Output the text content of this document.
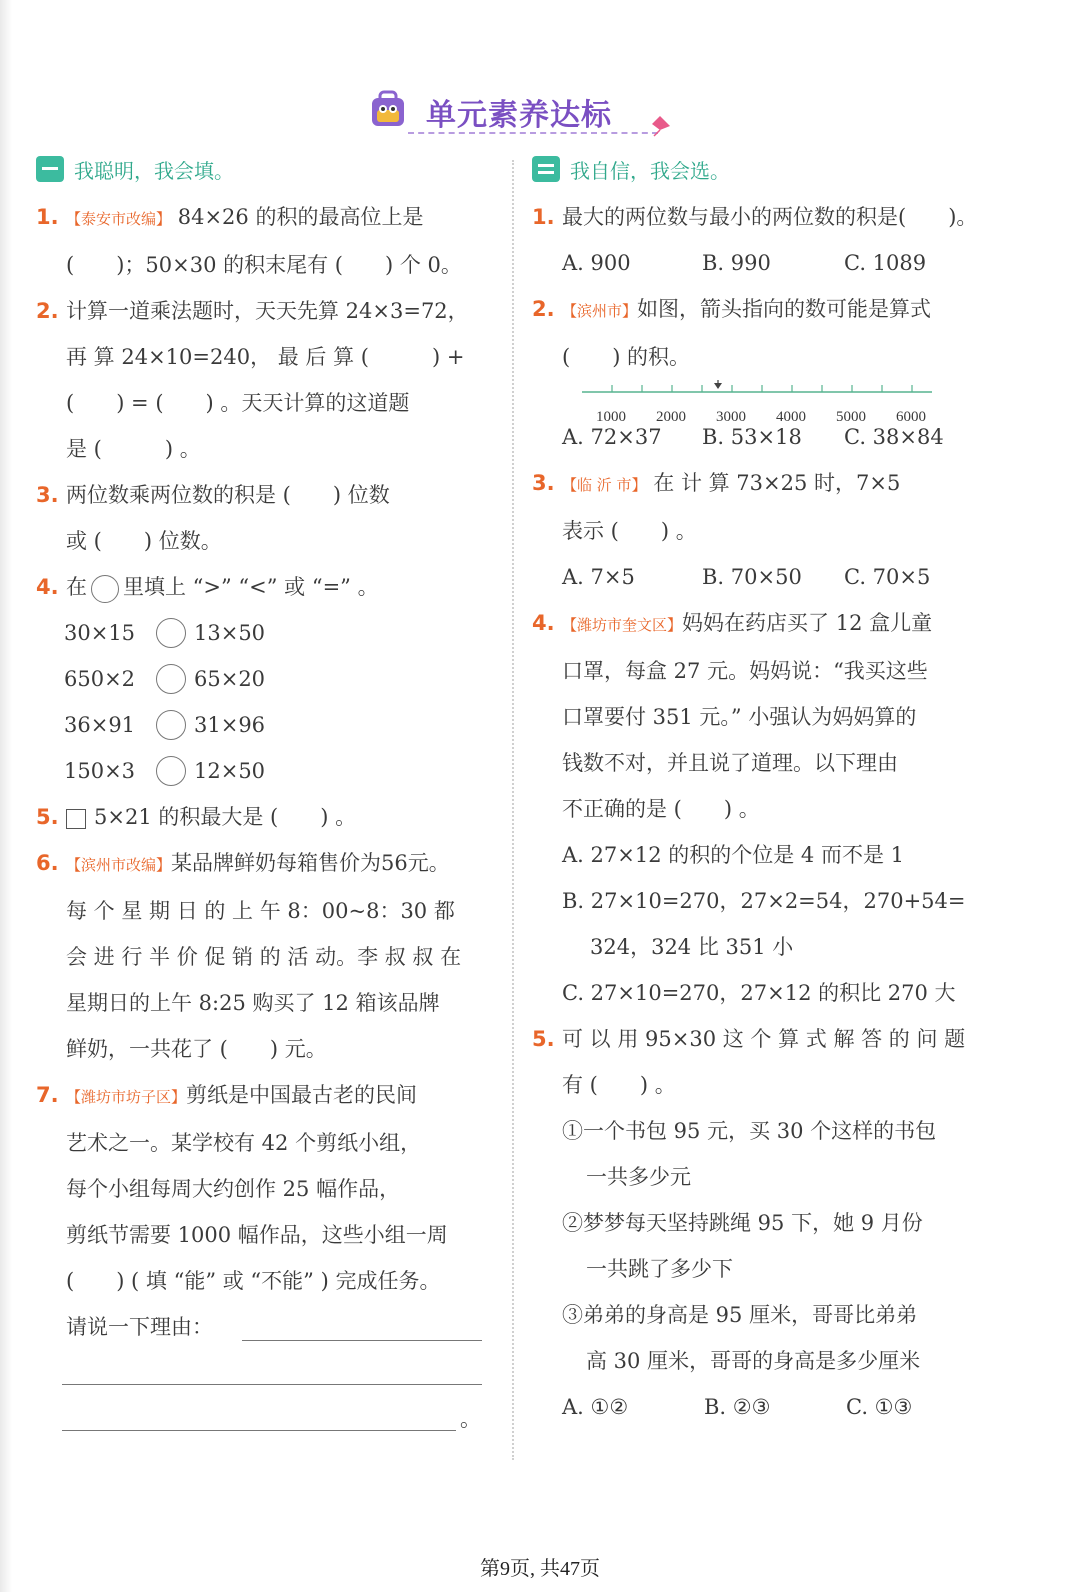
单元素养达标
我聪明，我会填。
1.	【 泰安市改编 】 84×26 的积的最高位上是
(　　)；50×30 的积末尾有 (　　) 个 0。
2. 计算一道乘法题时，天天先算 24×3=72，
再 算 24×10=240， 最 后 算 (　　　) +
(　　) = (　　) 。天天计算的这道题
是 (　　　) 。
3. 两位数乘两位数的积是 (　　) 位数
或 (　　) 位数。
4. 在 里填上 “>” “<” 或 “=” 。
30×15	13×50
650×2	65×20
36×91	31×96
150×3	12×50
5.	5×21 的积最大是 (　　) 。
6.	【 滨州市改编 】 某品牌鲜奶每箱售价为56元。
每 个 星 期 日 的 上 午 8：00~8：30 都
会 进 行 半 价 促 销 的 活 动。李 叔 叔 在
星期日的上午 8:25 购买了 12 箱该品牌
鲜奶，一共花了 (　　) 元。
7.	【 潍坊市坊子区 】 剪纸是中国最古老的民间
艺术之一。某学校有 42 个剪纸小组，
每个小组每周大约创作 25 幅作品，
剪纸节需要 1000 幅作品，这些小组一周
(　　) ( 填 “能” 或 “不能” ) 完成任务。
请说一下理由：
。
我自信，我会选。
1. 最大的两位数与最小的两位数的积是(　　)。
A. 900	B. 990	C. 1089
2.	【 滨州市 】 如图，箭头指向的数可能是算式
(　　) 的积。
1000 2000 3000 4000 5000 6000
A. 72×37	B. 53×18	C. 38×84
3.	【 临 沂 市 】 在 计 算 73×25 时，7×5
表示 (　　) 。
A. 7×5	B. 70×50	C. 70×5
4.	【 潍坊市奎文区 】 妈妈在药店买了 12 盒儿童
口罩，每盒 27 元。妈妈说：“我买这些
口罩要付 351 元。” 小强认为妈妈算的
钱数不对，并且说了道理。以下理由
不正确的是 (　　) 。
A. 27×12 的积的个位是 4 而不是 1
B. 27×10=270，27×2=54，270+54=
324，324 比 351 小
C. 27×10=270，27×12 的积比 270 大
5. 可 以 用 95×30 这 个 算 式 解 答 的 问 题
有 (　　) 。
①一个书包 95 元，买 30 个这样的书包
一共多少元
②梦梦每天坚持跳绳 95 下，她 9 月份
一共跳了多少下
③弟弟的身高是 95 厘米，哥哥比弟弟
高 30 厘米，哥哥的身高是多少厘米
A. ①②	B. ②③	C. ①③
第9页, 共47页
